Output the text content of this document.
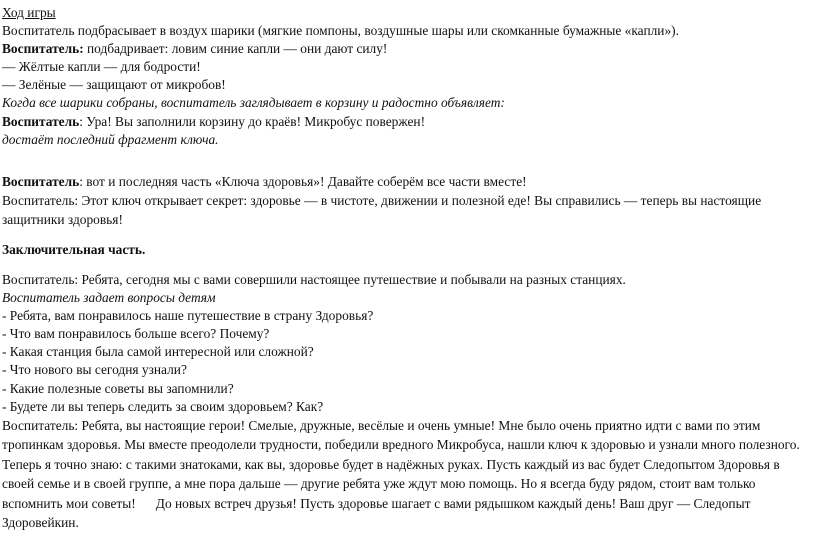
Ход игры
Воспитатель подбрасывает в воздух шарики (мягкие помпоны, воздушные шары или скомканные бумажные «капли»).
Воспитатель: подбадривает: ловим синие капли — они дают силу!
— Жёлтые капли — для бодрости!
— Зелёные — защищают от микробов!
Когда все шарики собраны, воспитатель заглядывает в корзину и радостно объявляет:
Воспитатель: Ура! Вы заполнили корзину до краёв! Микробус повержен!
достаёт последний фрагмент ключа.
Воспитатель: вот и последняя часть «Ключа здоровья»! Давайте соберём все части вместе!
Воспитатель: Этот ключ открывает секрет: здоровье — в чистоте, движении и полезной еде! Вы справились — теперь вы настоящие защитники здоровья!
Заключительная часть.
Воспитатель: Ребята, сегодня мы с вами совершили настоящее путешествие и побывали на разных станциях.
Воспитатель задает вопросы детям
- Ребята, вам понравилось наше путешествие в страну Здоровья?
- Что вам понравилось больше всего? Почему?
- Какая станция была самой интересной или сложной?
- Что нового вы сегодня узнали?
- Какие полезные советы вы запомнили?
- Будете ли вы теперь следить за своим здоровьем? Как?
Воспитатель: Ребята, вы настоящие герои! Смелые, дружные, весёлые и очень умные! Мне было очень приятно идти с вами по этим тропинкам здоровья. Мы вместе преодолели трудности, победили вредного Микробуса, нашли ключ к здоровью и узнали много полезного. Теперь я точно знаю: с такими знатоками, как вы, здоровье будет в надёжных руках. Пусть каждый из вас будет Следопытом Здоровья в своей семье и в своей группе, а мне пора дальше — другие ребята уже ждут мою помощь. Но я всегда буду рядом, стоит вам только вспомнить мои советы!      До новых встреч друзья! Пусть здоровье шагает с вами рядышком каждый день! Ваш друг — Следопыт Здоровейкин.
